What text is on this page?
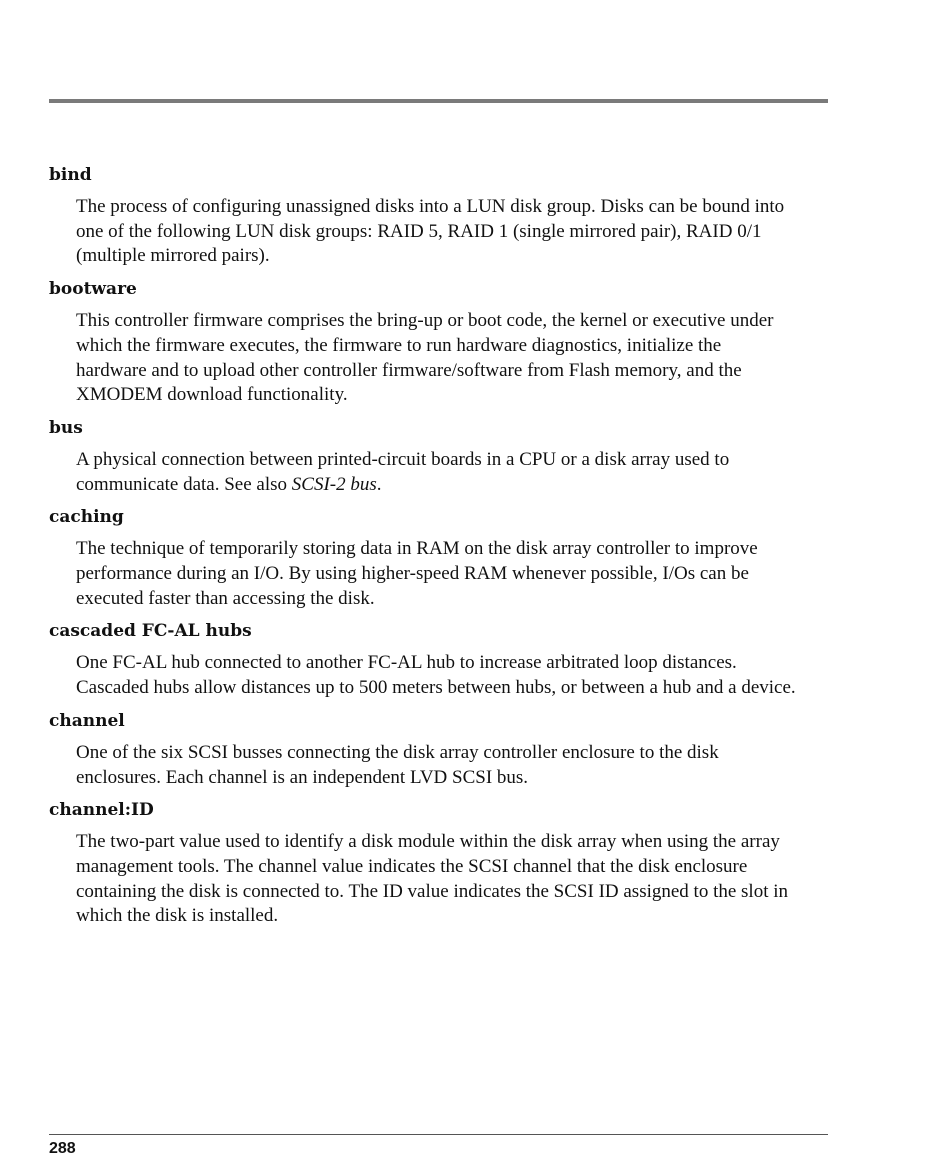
bind

The process of configuring unassigned disks into a LUN disk group. Disks can be bound into one of the following LUN disk groups: RAID 5, RAID 1 (single mirrored pair), RAID 0/1 (multiple mirrored pairs).

bootware

This controller firmware comprises the bring-up or boot code, the kernel or executive under which the firmware executes, the firmware to run hardware diagnostics, initialize the hardware and to upload other controller firmware/software from Flash memory, and the XMODEM download functionality.

bus

A physical connection between printed-circuit boards in a CPU or a disk array used to communicate data. See also SCSI-2 bus.

caching

The technique of temporarily storing data in RAM on the disk array controller to improve performance during an I/O. By using higher-speed RAM whenever possible, I/Os can be executed faster than accessing the disk.

cascaded FC-AL hubs

One FC-AL hub connected to another FC-AL hub to increase arbitrated loop distances. Cascaded hubs allow distances up to 500 meters between hubs, or between a hub and a device.

channel

One of the six SCSI busses connecting the disk array controller enclosure to the disk enclosures. Each channel is an independent LVD SCSI bus.

channel:ID

The two-part value used to identify a disk module within the disk array when using the array management tools. The channel value indicates the SCSI channel that the disk enclosure containing the disk is connected to. The ID value indicates the SCSI ID assigned to the slot in which the disk is installed.

288
